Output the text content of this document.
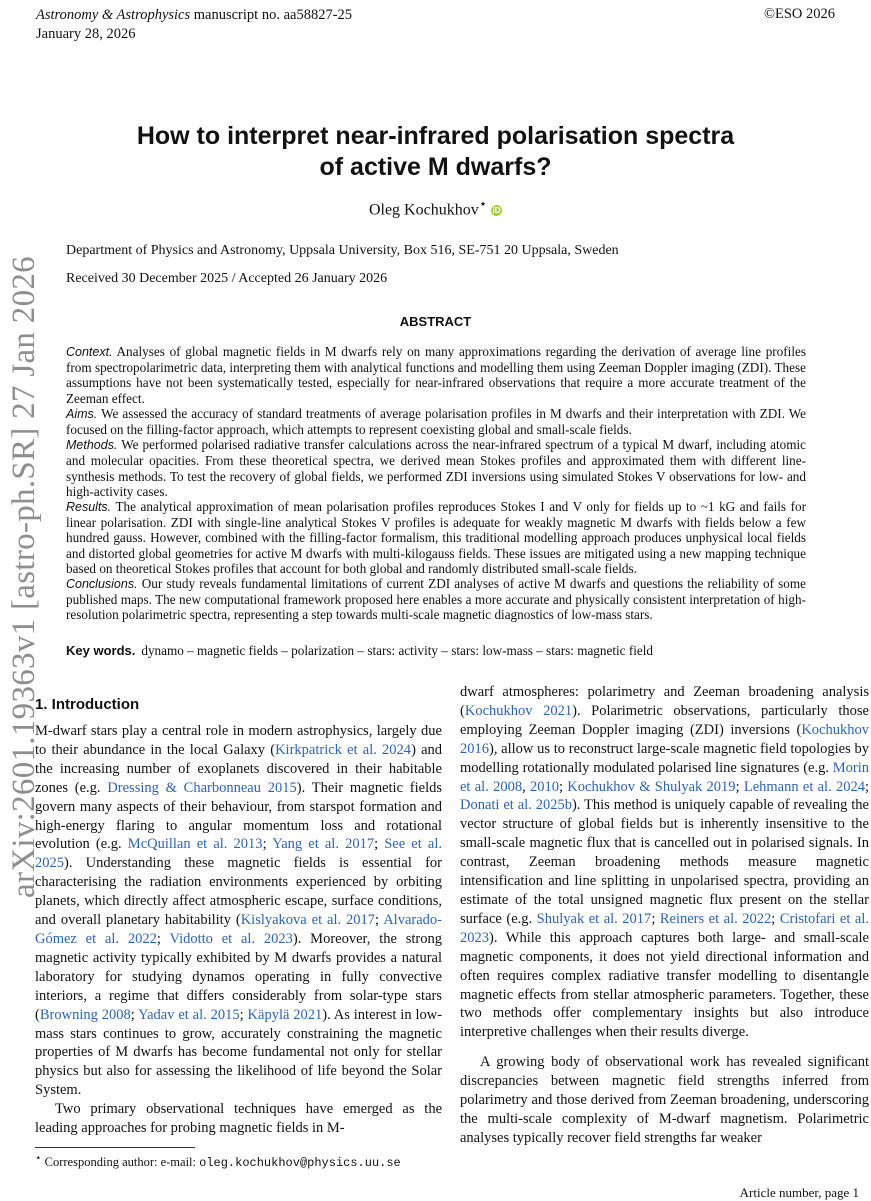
Astronomy & Astrophysics manuscript no. aa58827-25
January 28, 2026
©ESO 2026
arXiv:2601.19363v1 [astro-ph.SR] 27 Jan 2026
How to interpret near-infrared polarisation spectra
of active M dwarfs?
Oleg Kochukhov⋆ iD
Department of Physics and Astronomy, Uppsala University, Box 516, SE-751 20 Uppsala, Sweden
Received 30 December 2025 / Accepted 26 January 2026
ABSTRACT

Context. Analyses of global magnetic fields in M dwarfs rely on many approximations regarding the derivation of average line profiles from spectropolarimetric data, interpreting them with analytical functions and modelling them using Zeeman Doppler imaging (ZDI). These assumptions have not been systematically tested, especially for near-infrared observations that require a more accurate treatment of the Zeeman effect.

Aims. We assessed the accuracy of standard treatments of average polarisation profiles in M dwarfs and their interpretation with ZDI. We focused on the filling-factor approach, which attempts to represent coexisting global and small-scale fields.

Methods. We performed polarised radiative transfer calculations across the near-infrared spectrum of a typical M dwarf, including atomic and molecular opacities. From these theoretical spectra, we derived mean Stokes profiles and approximated them with different line-synthesis methods. To test the recovery of global fields, we performed ZDI inversions using simulated Stokes V observations for low- and high-activity cases.

Results. The analytical approximation of mean polarisation profiles reproduces Stokes I and V only for fields up to ~1 kG and fails for linear polarisation. ZDI with single-line analytical Stokes V profiles is adequate for weakly magnetic M dwarfs with fields below a few hundred gauss. However, combined with the filling-factor formalism, this traditional modelling approach produces unphysical local fields and distorted global geometries for active M dwarfs with multi-kilogauss fields. These issues are mitigated using a new mapping technique based on theoretical Stokes profiles that account for both global and randomly distributed small-scale fields.

Conclusions. Our study reveals fundamental limitations of current ZDI analyses of active M dwarfs and questions the reliability of some published maps. The new computational framework proposed here enables a more accurate and physically consistent interpretation of high-resolution polarimetric spectra, representing a step towards multi-scale magnetic diagnostics of low-mass stars.

Key words. dynamo – magnetic fields – polarization – stars: activity – stars: low-mass – stars: magnetic field
1. Introduction

M-dwarf stars play a central role in modern astrophysics, largely due to their abundance in the local Galaxy (Kirkpatrick et al. 2024) and the increasing number of exoplanets discovered in their habitable zones (e.g. Dressing & Charbonneau 2015). Their magnetic fields govern many aspects of their behaviour, from starspot formation and high-energy flaring to angular momentum loss and rotational evolution (e.g. McQuillan et al. 2013; Yang et al. 2017; See et al. 2025). Understanding these magnetic fields is essential for characterising the radiation environments experienced by orbiting planets, which directly affect atmospheric escape, surface conditions, and overall planetary habitability (Kislyakova et al. 2017; Alvarado-Gómez et al. 2022; Vidotto et al. 2023). Moreover, the strong magnetic activity typically exhibited by M dwarfs provides a natural laboratory for studying dynamos operating in fully convective interiors, a regime that differs considerably from solar-type stars (Browning 2008; Yadav et al. 2015; Käpylä 2021). As interest in low-mass stars continues to grow, accurately constraining the magnetic properties of M dwarfs has become fundamental not only for stellar physics but also for assessing the likelihood of life beyond the Solar System.

Two primary observational techniques have emerged as the leading approaches for probing magnetic fields in M-

dwarf atmospheres: polarimetry and Zeeman broadening analysis (Kochukhov 2021). Polarimetric observations, particularly those employing Zeeman Doppler imaging (ZDI) inversions (Kochukhov 2016), allow us to reconstruct large-scale magnetic field topologies by modelling rotationally modulated polarised line signatures (e.g. Morin et al. 2008, 2010; Kochukhov & Shulyak 2019; Lehmann et al. 2024; Donati et al. 2025b). This method is uniquely capable of revealing the vector structure of global fields but is inherently insensitive to the small-scale magnetic flux that is cancelled out in polarised signals. In contrast, Zeeman broadening methods measure magnetic intensification and line splitting in unpolarised spectra, providing an estimate of the total unsigned magnetic flux present on the stellar surface (e.g. Shulyak et al. 2017; Reiners et al. 2022; Cristofari et al. 2023). While this approach captures both large- and small-scale magnetic components, it does not yield directional information and often requires complex radiative transfer modelling to disentangle magnetic effects from stellar atmospheric parameters. Together, these two methods offer complementary insights but also introduce interpretive challenges when their results diverge.

A growing body of observational work has revealed significant discrepancies between magnetic field strengths inferred from polarimetry and those derived from Zeeman broadening, underscoring the multi-scale complexity of M-dwarf magnetism. Polarimetric analyses typically recover field strengths far weaker

⋆ Corresponding author: e-mail: oleg.kochukhov@physics.uu.se
Article number, page 1
